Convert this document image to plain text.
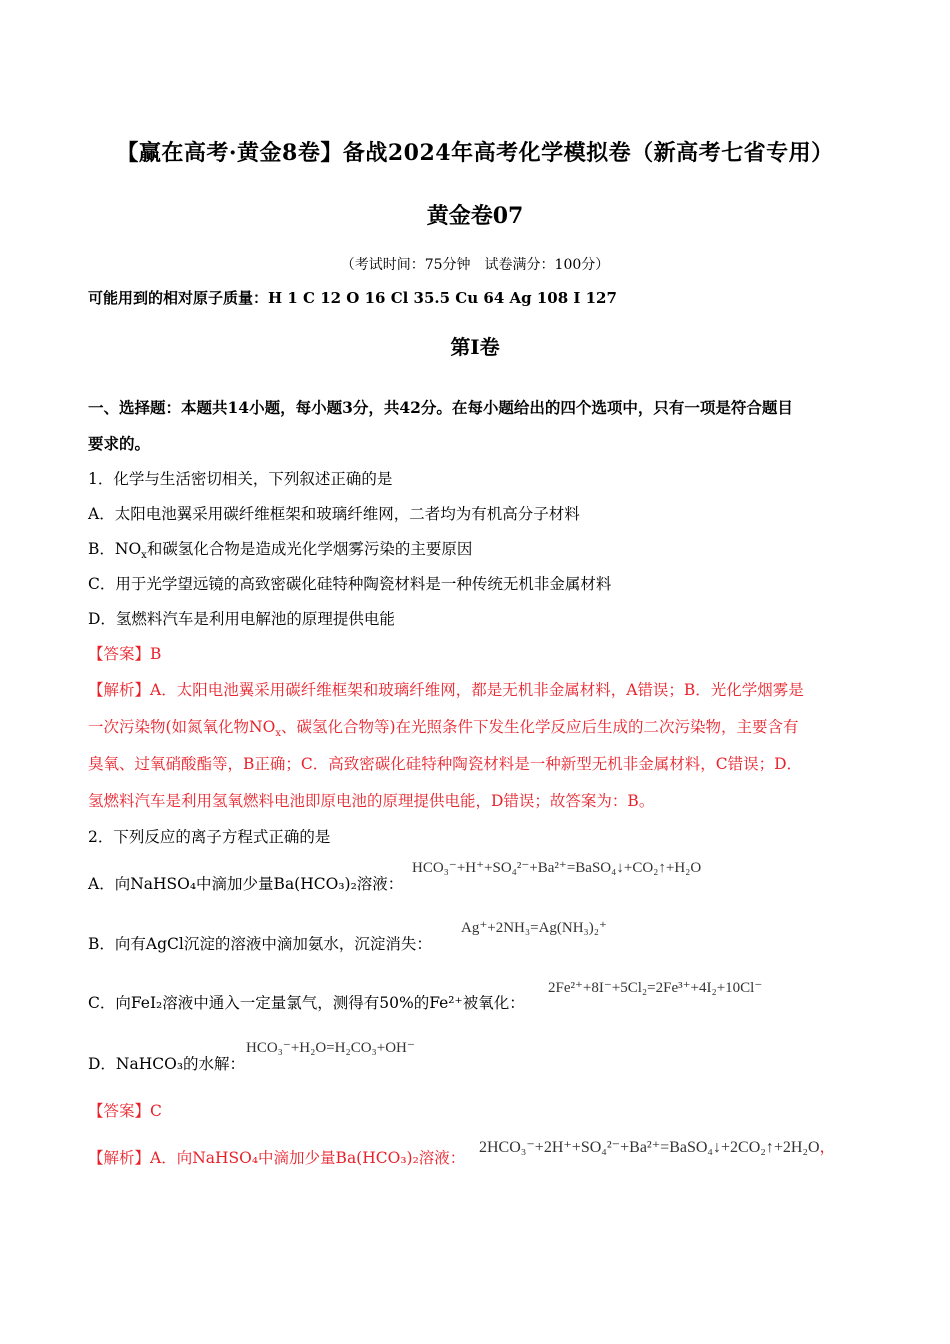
【赢在高考·黄金8卷】备战2024年高考化学模拟卷（新高考七省专用）
黄金卷07
（考试时间：75分钟　试卷满分：100分）
可能用到的相对原子质量：H 1 C 12 O 16 Cl 35.5 Cu 64 Ag 108 I 127
第Ⅰ卷
一、选择题：本题共14小题，每小题3分，共42分。在每小题给出的四个选项中，只有一项是符合题目
要求的。
1．化学与生活密切相关，下列叙述正确的是
A．太阳电池翼采用碳纤维框架和玻璃纤维网，二者均为有机高分子材料
B．$NO_x$和碳氢化合物是造成光化学烟雾污染的主要原因
C．用于光学望远镜的高致密碳化硅特种陶瓷材料是一种传统无机非金属材料
D．氢燃料汽车是利用电解池的原理提供电能
【答案】B
【解析】A．太阳电池翼采用碳纤维框架和玻璃纤维网，都是无机非金属材料，A错误；B．光化学烟雾是
一次污染物(如氮氧化物$NO_x$、碳氢化合物等)在光照条件下发生化学反应后生成的二次污染物，主要含有
臭氧、过氧硝酸酯等，B正确；C．高致密碳化硅特种陶瓷材料是一种新型无机非金属材料，C错误；D．
氢燃料汽车是利用氢氧燃料电池即原电池的原理提供电能，D错误；故答案为：B。
2．下列反应的离子方程式正确的是
A．向NaHSO₄中滴加少量Ba(HCO₃)₂溶液：
HCO₃⁻+H⁺+SO₄²⁻+Ba²⁺=BaSO₄↓+CO₂↑+H₂O
B．向有AgCl沉淀的溶液中滴加氨水，沉淀消失：
Ag⁺+2NH₃=Ag(NH₃)₂⁺
C．向FeI₂溶液中通入一定量氯气，测得有50%的Fe²⁺被氧化：
2Fe²⁺+8I⁻+5Cl₂=2Fe³⁺+4I₂+10Cl⁻
D．NaHCO₃的水解：
HCO₃⁻+H₂O=H₂CO₃+OH⁻
【答案】C
【解析】A．向NaHSO₄中滴加少量Ba(HCO₃)₂溶液：
2HCO₃⁻+2H⁺+SO₄²⁻+Ba²⁺=BaSO₄↓+2CO₂↑+2H₂O，
